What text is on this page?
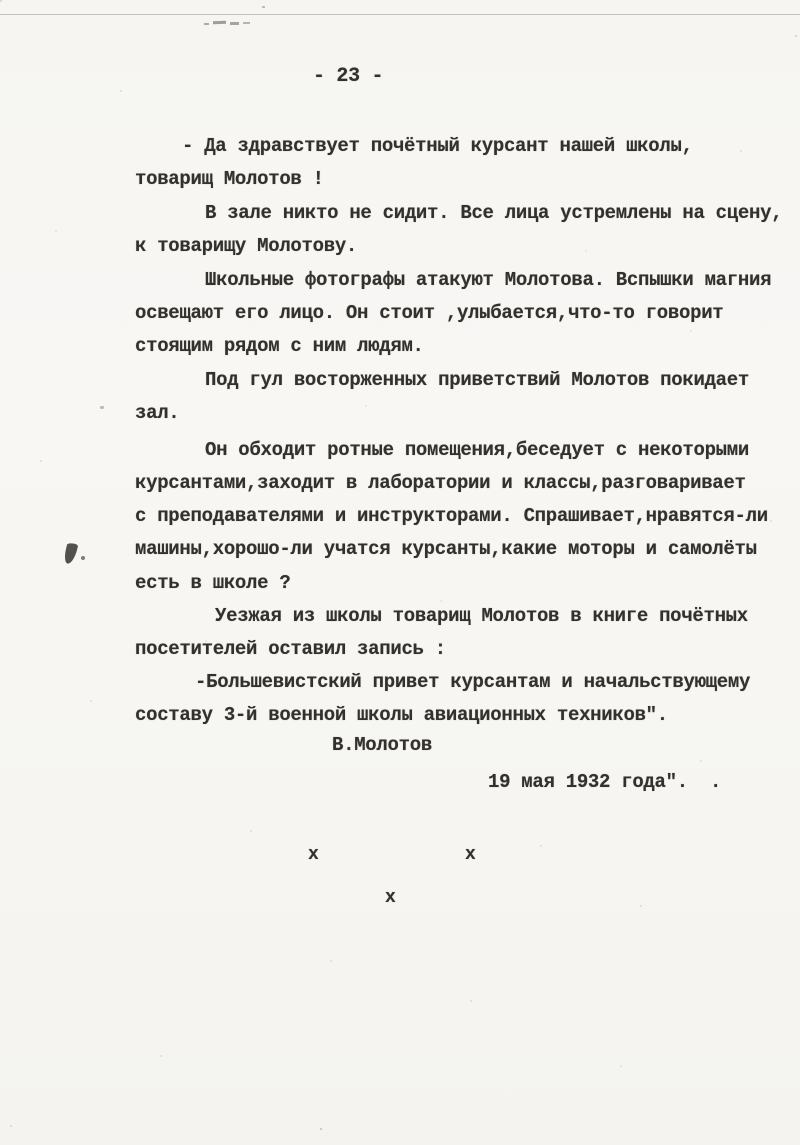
- 23 -
- Да здравствует почётный курсант нашей школы,
товарищ Молотов !
В зале никто не сидит. Все лица устремлены на сцену,
к товарищу Молотову.
Школьные фотографы атакуют Молотова. Вспышки магния
освещают его лицо. Он стоит ,улыбается,что-то говорит
стоящим рядом с ним людям.
Под гул восторженных приветствий Молотов покидает
зал.
Он обходит ротные помещения,беседует с некоторыми
курсантами,заходит в лаборатории и классы,разговаривает
с преподавателями и инструкторами. Спрашивает,нравятся-ли
машины,хорошо-ли учатся курсанты,какие моторы и самолёты
есть в школе ?
Уезжая из школы товарищ Молотов в книге почётных
посетителей оставил запись :
-Большевистский привет курсантам и начальствующему
составу 3-й военной школы авиационных техников".
В.Молотов
19 мая 1932 года".  .
х	х
х
